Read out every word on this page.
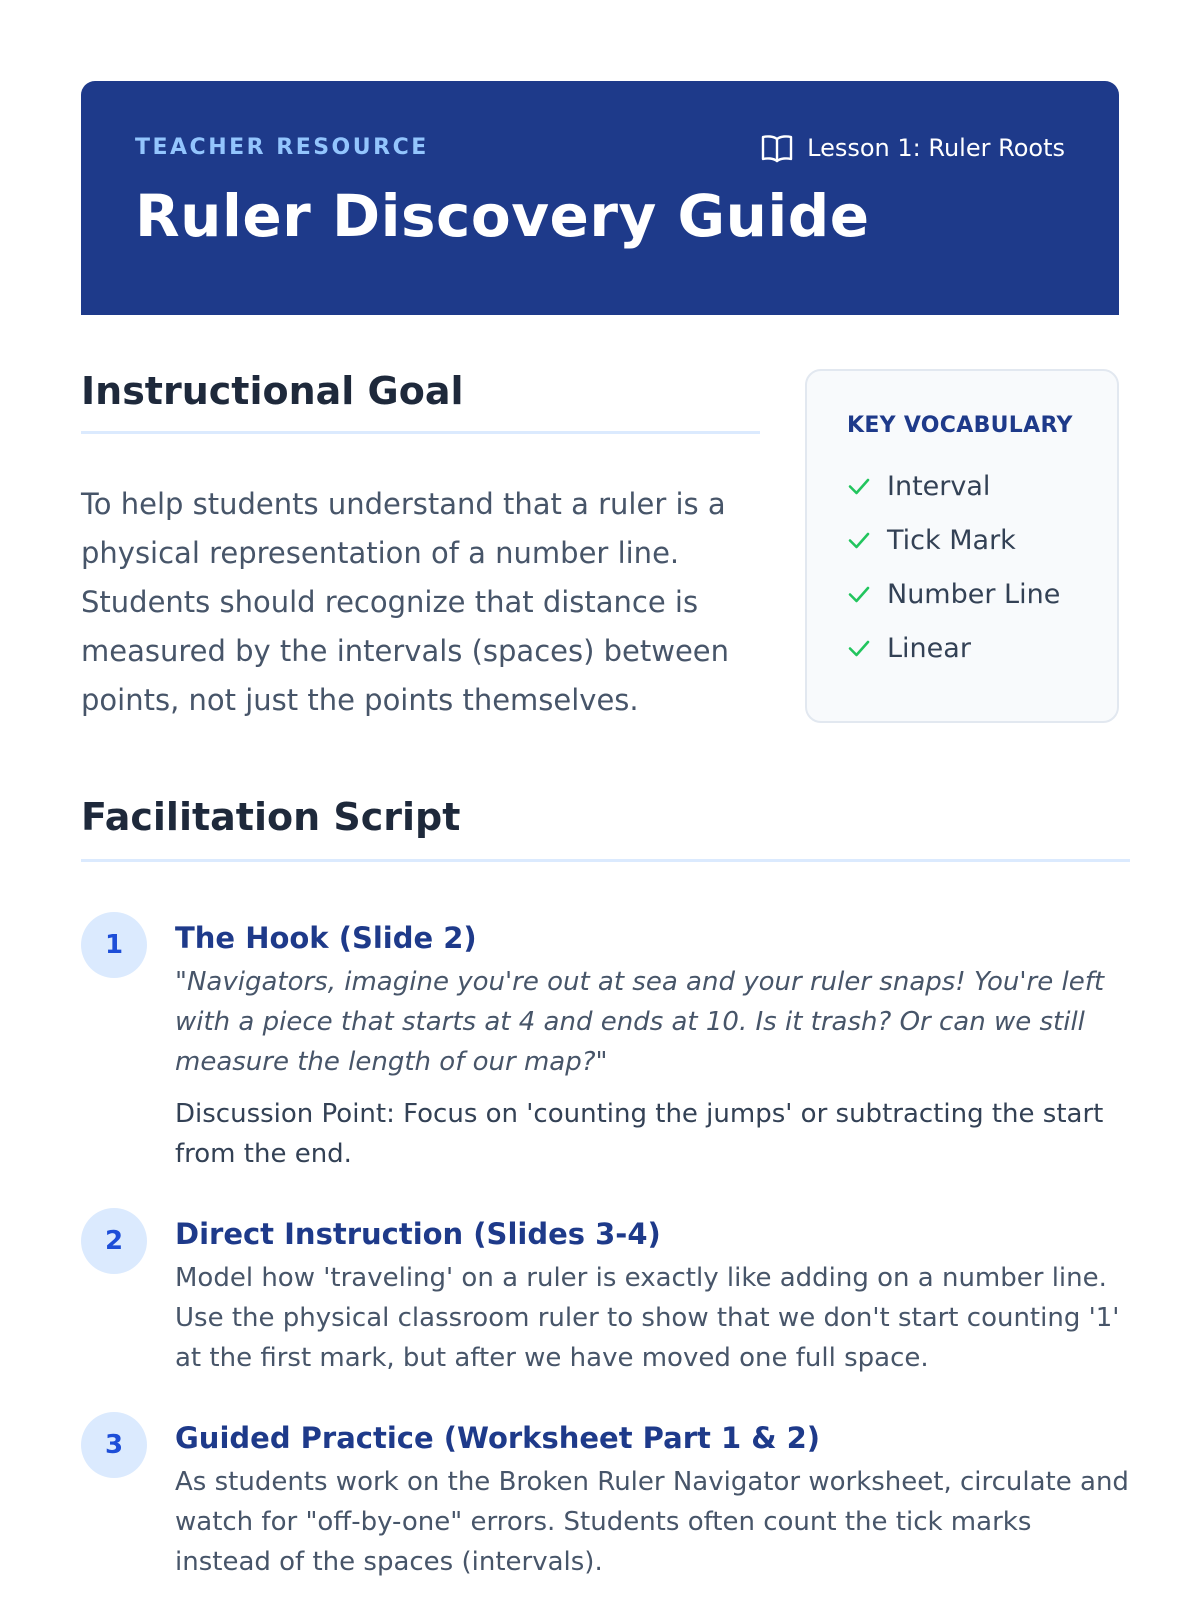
TEACHER RESOURCE	Lesson 1: Ruler Roots
Ruler Discovery Guide
Instructional Goal

To help students understand that a ruler is a physical representation of a number line. Students should recognize that distance is measured by the intervals (spaces) between points, not just the points themselves.

KEY VOCABULARY
Interval
Tick Mark
Number Line
Linear
Facilitation Script
1	The Hook (Slide 2)
"Navigators, imagine you're out at sea and your ruler snaps! You're left with a piece that starts at 4 and ends at 10. Is it trash? Or can we still measure the length of our map?"
Discussion Point: Focus on 'counting the jumps' or subtracting the start from the end.
2	Direct Instruction (Slides 3-4)
Model how 'traveling' on a ruler is exactly like adding on a number line. Use the physical classroom ruler to show that we don't start counting '1' at the first mark, but after we have moved one full space.
3	Guided Practice (Worksheet Part 1 & 2)
As students work on the Broken Ruler Navigator worksheet, circulate and watch for "off-by-one" errors. Students often count the tick marks instead of the spaces (intervals).
